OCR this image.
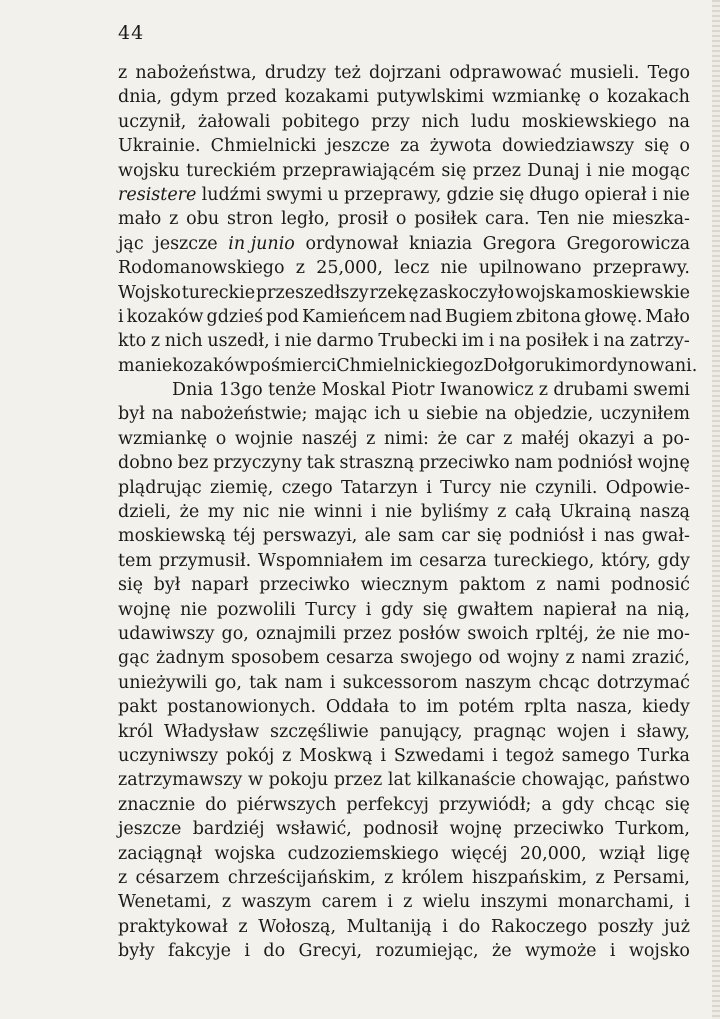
44
z nabożeństwa, drudzy też dojrzani odprawować musieli. Tego
dnia, gdym przed kozakami putywlskimi wzmiankę o kozakach
uczynił, żałowali pobitego przy nich ludu moskiewskiego na
Ukrainie. Chmielnicki jeszcze za żywota dowiedziawszy się o
wojsku tureckiém przeprawiającém się przez Dunaj i nie mogąc
resistere ludźmi swymi u przeprawy, gdzie się długo opierał i nie
mało z obu stron legło, prosił o posiłek cara. Ten nie mieszka-
jąc jeszcze in junio ordynował kniazia Gregora Gregorowicza
Rodomanowskiego z 25,000, lecz nie upilnowano przeprawy.
Wojsko tureckie przeszedłszy rzekę zaskoczyło wojska moskiewskie
i kozaków gdzieś pod Kamieńcem nad Bugiem zbitona głowę. Mało
kto z nich uszedł, i nie darmo Trubecki im i na posiłek i na zatrzy-
manie kozaków po śmierci Chmielnickiego z Dołgorukim ordynowani.
Dnia 13go tenże Moskal Piotr Iwanowicz z drubami swemi
był na nabożeństwie; mając ich u siebie na objedzie, uczyniłem
wzmiankę o wojnie naszéj z nimi: że car z małéj okazyi a po-
dobno bez przyczyny tak straszną przeciwko nam podniósł wojnę
plądrując ziemię, czego Tatarzyn i Turcy nie czynili. Odpowie-
dzieli, że my nic nie winni i nie byliśmy z całą Ukrainą naszą
moskiewską téj perswazyi, ale sam car się podniósł i nas gwał-
tem przymusił. Wspomniałem im cesarza tureckiego, który, gdy
się był naparł przeciwko wiecznym paktom z nami podnosić
wojnę nie pozwolili Turcy i gdy się gwałtem napierał na nią,
udawiwszy go, oznajmili przez posłów swoich rpltéj, że nie mo-
gąc żadnym sposobem cesarza swojego od wojny z nami zrazić,
unieżywili go, tak nam i sukcessorom naszym chcąc dotrzymać
pakt postanowionych. Oddała to im potém rplta nasza, kiedy
król Władysław szczęśliwie panujący, pragnąc wojen i sławy,
uczyniwszy pokój z Moskwą i Szwedami i tegoż samego Turka
zatrzymawszy w pokoju przez lat kilkanaście chowając, państwo
znacznie do piérwszych perfekcyj przywiódł; a gdy chcąc się
jeszcze bardziéj wsławić, podnosił wojnę przeciwko Turkom,
zaciągnął wojska cudzoziemskiego więcéj 20,000, wziął ligę
z césarzem chrześcijańskim, z królem hiszpańskim, z Persami,
Wenetami, z waszym carem i z wielu inszymi monarchami, i
praktykował z Wołoszą, Multaniją i do Rakoczego poszły już
były fakcyje i do Grecyi, rozumiejąc, że wymoże i wojsko
